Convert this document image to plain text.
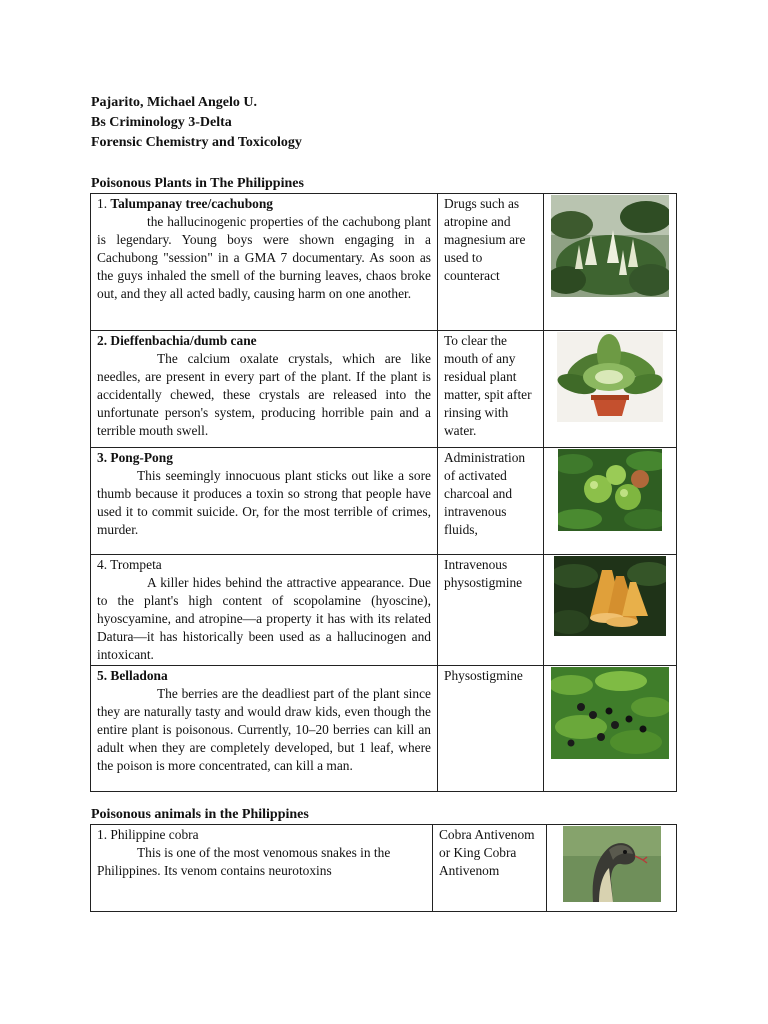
Pajarito, Michael Angelo U.
Bs Criminology 3-Delta
Forensic Chemistry and Toxicology
Poisonous Plants in The Philippines
1. Talumpanay tree/cachubong
the hallucinogenic properties of the cachubong plant is legendary. Young boys were shown engaging in a Cachubong "session" in a GMA 7 documentary. As soon as the guys inhaled the smell of the burning leaves, chaos broke out, and they all acted badly, causing harm on one another.	Drugs such as atropine and magnesium are used to counteract	

2. Dieffenbachia/dumb cane
The calcium oxalate crystals, which are like needles, are present in every part of the plant. If the plant is accidentally chewed, these crystals are released into the unfortunate person's system, producing horrible pain and a terrible mouth swell.	To clear the mouth of any residual plant matter, spit after rinsing with water.	

3. Pong-Pong
This seemingly innocuous plant sticks out like a sore thumb because it produces a toxin so strong that people have used it to commit suicide. Or, for the most terrible of crimes, murder.	Administration of activated charcoal and intravenous fluids,	

4. Trompeta
A killer hides behind the attractive appearance. Due to the plant's high content of scopolamine (hyoscine), hyoscyamine, and atropine—a property it has with its related Datura—it has historically been used as a hallucinogen and intoxicant.	Intravenous physostigmine	

5. Belladona
The berries are the deadliest part of the plant since they are naturally tasty and would draw kids, even though the entire plant is poisonous. Currently, 10–20 berries can kill an adult when they are completely developed, but 1 leaf, where the poison is more concentrated, can kill a man.	Physostigmine	
Poisonous animals in the Philippines
1. Philippine cobra
This is one of the most venomous snakes in the Philippines. Its venom contains neurotoxins
	Cobra Antivenom or King Cobra Antivenom	
